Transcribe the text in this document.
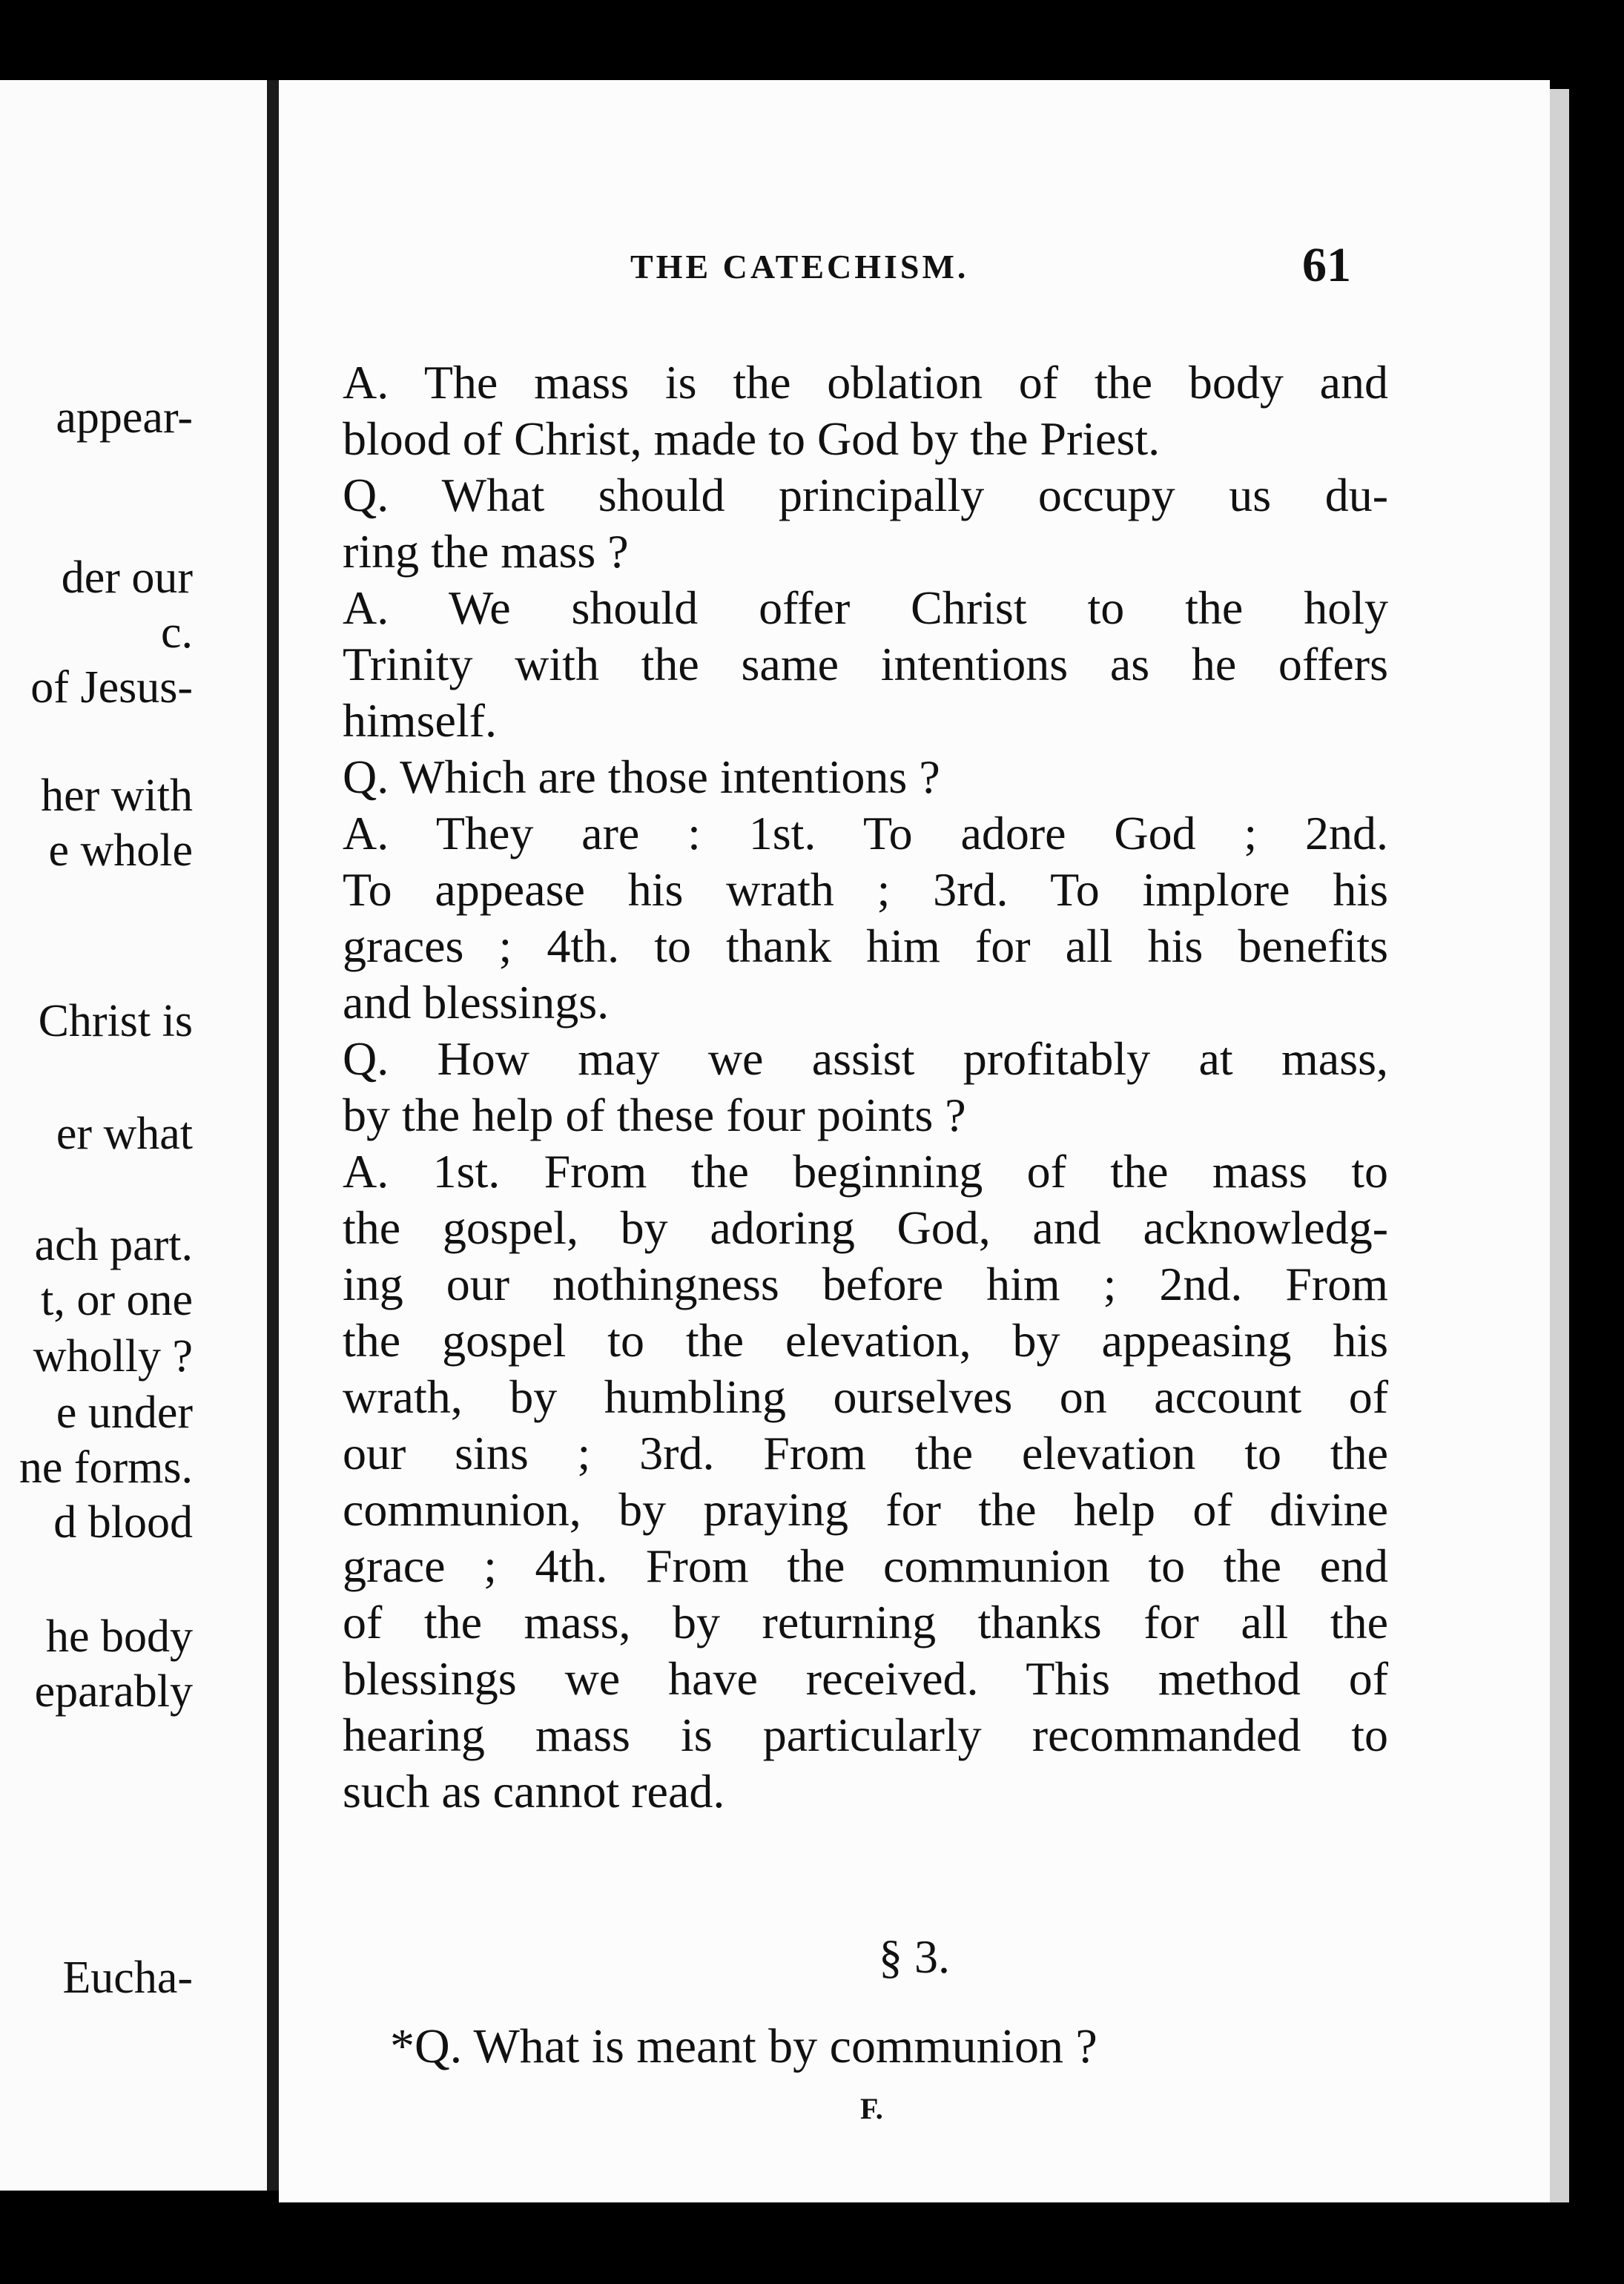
appear-
der our
c.
of Jesus-
her with
e whole
Christ is
er what
ach part.
t, or one
wholly ?
e under
ne forms.
d blood
he body
eparably
Eucha-
THE CATECHISM.	61
A. The mass is the oblation of the body and
blood of Christ, made to God by the Priest.
Q. What should principally occupy us du-
ring the mass ?
A. We should offer Christ to the holy
Trinity with the same intentions as he offers
himself.
Q. Which are those intentions ?
A. They are : 1st. To adore God ; 2nd.
To appease his wrath ; 3rd. To implore his
graces ; 4th. to thank him for all his benefits
and blessings.
Q. How may we assist profitably at mass,
by the help of these four points ?
A. 1st. From the beginning of the mass to
the gospel, by adoring God, and acknowledg-
ing our nothingness before him ; 2nd. From
the gospel to the elevation, by appeasing his
wrath, by humbling ourselves on account of
our sins ; 3rd. From the elevation to the
communion, by praying for the help of divine
grace ; 4th. From the communion to the end
of the mass, by returning thanks for all the
blessings we have received. This method of
hearing mass is particularly recommanded to
such as cannot read.
§ 3.
*Q. What is meant by communion ?
F.
